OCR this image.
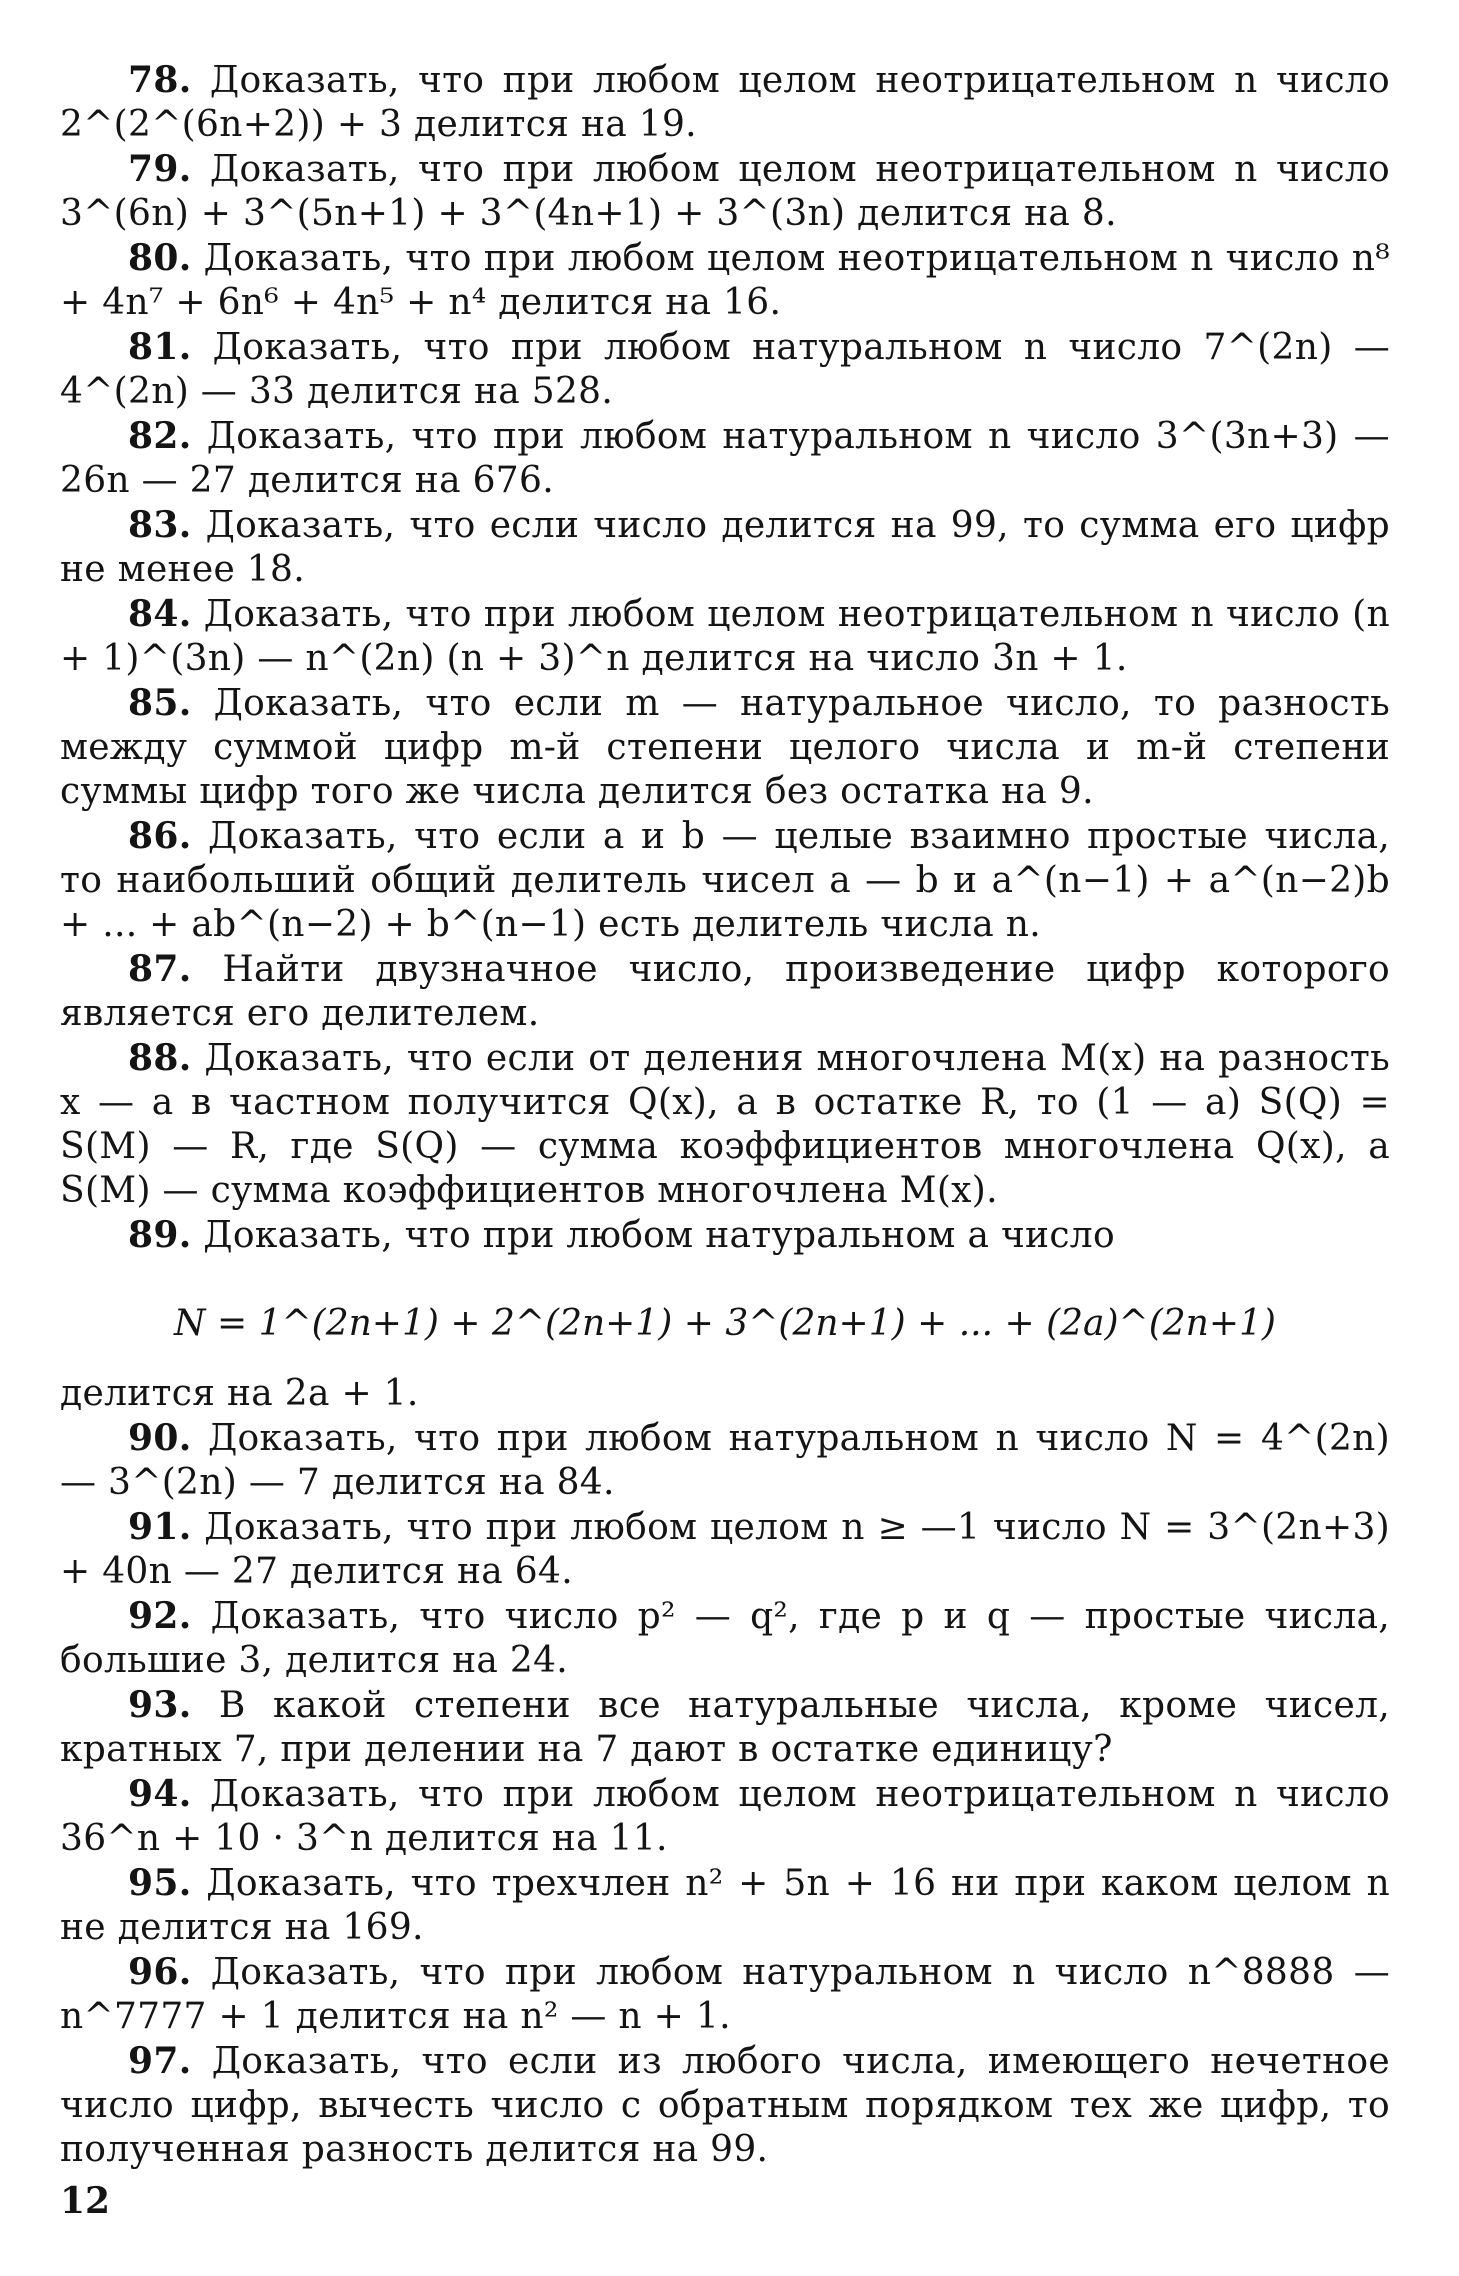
78. Доказать, что при любом целом неотрицательном n число 2^(2^(6n+2)) + 3 делится на 19.

79. Доказать, что при любом целом неотрицательном n число 3^(6n) + 3^(5n+1) + 3^(4n+1) + 3^(3n) делится на 8.

80. Доказать, что при любом целом неотрицательном n число n⁸ + 4n⁷ + 6n⁶ + 4n⁵ + n⁴ делится на 16.

81. Доказать, что при любом натуральном n число 7^(2n) — 4^(2n) — 33 делится на 528.

82. Доказать, что при любом натуральном n число 3^(3n+3) — 26n — 27 делится на 676.

83. Доказать, что если число делится на 99, то сумма его цифр не менее 18.

84. Доказать, что при любом целом неотрицательном n число (n + 1)^(3n) — n^(2n) (n + 3)^n делится на число 3n + 1.

85. Доказать, что если m — натуральное число, то разность между суммой цифр m-й степени целого числа и m-й степени суммы цифр того же числа делится без остатка на 9.

86. Доказать, что если a и b — целые взаимно простые числа, то наибольший общий делитель чисел a — b и a^(n−1) + a^(n−2)b + ... + ab^(n−2) + b^(n−1) есть делитель числа n.

87. Найти двузначное число, произведение цифр которого является его делителем.

88. Доказать, что если от деления многочлена M(x) на разность x — a в частном получится Q(x), а в остатке R, то (1 — a) S(Q) = S(M) — R, где S(Q) — сумма коэффициентов многочлена Q(x), а S(M) — сумма коэффициентов многочлена M(x).

89. Доказать, что при любом натуральном a число

N = 1^(2n+1) + 2^(2n+1) + 3^(2n+1) + ... + (2a)^(2n+1)

делится на 2a + 1.

90. Доказать, что при любом натуральном n число N = 4^(2n) — 3^(2n) — 7 делится на 84.

91. Доказать, что при любом целом n ≥ —1 число N = 3^(2n+3) + 40n — 27 делится на 64.

92. Доказать, что число p² — q², где p и q — простые числа, большие 3, делится на 24.

93. В какой степени все натуральные числа, кроме чисел, кратных 7, при делении на 7 дают в остатке единицу?

94. Доказать, что при любом целом неотрицательном n число 36^n + 10 · 3^n делится на 11.

95. Доказать, что трехчлен n² + 5n + 16 ни при каком целом n не делится на 169.

96. Доказать, что при любом натуральном n число n^8888 — n^7777 + 1 делится на n² — n + 1.

97. Доказать, что если из любого числа, имеющего нечетное число цифр, вычесть число с обратным порядком тех же цифр, то полученная разность делится на 99.

12
